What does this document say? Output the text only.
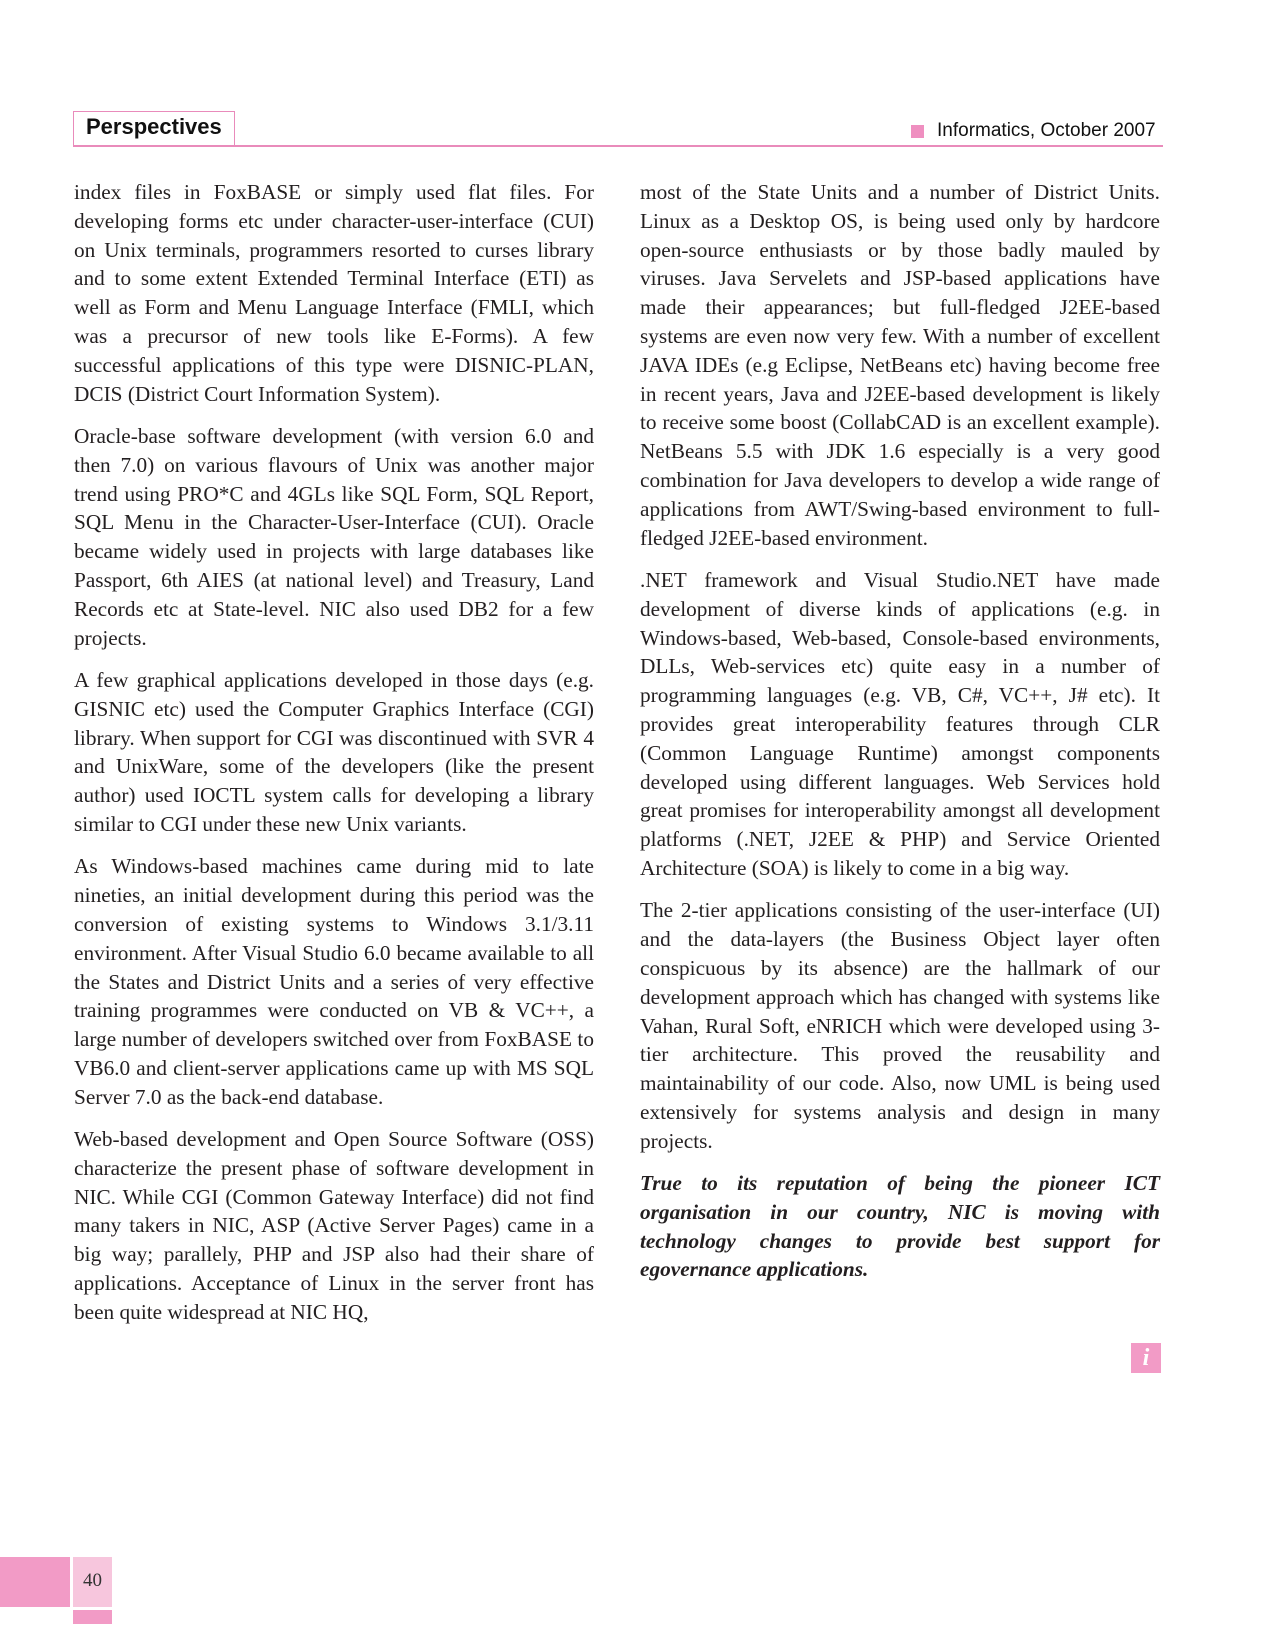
Perspectives	Informatics, October 2007

index files in FoxBASE or simply used flat files. For developing forms etc under character-user-interface (CUI) on Unix terminals, programmers resorted to curses library and to some extent Extended Terminal Interface (ETI) as well as Form and Menu Language Interface (FMLI, which was a precursor of new tools like E-Forms). A few successful applications of this type were DISNIC-PLAN, DCIS (District Court Information System).

Oracle-base software development (with version 6.0 and then 7.0) on various flavours of Unix was another major trend using PRO*C and 4GLs like SQL Form, SQL Report, SQL Menu in the Character-User-Interface (CUI). Oracle became widely used in projects with large databases like Passport, 6th AIES (at national level) and Treasury, Land Records etc at State-level. NIC also used DB2 for a few projects.

A few graphical applications developed in those days (e.g. GISNIC etc) used the Computer Graphics Interface (CGI) library. When support for CGI was discontinued with SVR 4 and UnixWare, some of the developers (like the present author) used IOCTL system calls for developing a library similar to CGI under these new Unix variants.

As Windows-based machines came during mid to late nineties, an initial development during this period was the conversion of existing systems to Windows 3.1/3.11 environment. After Visual Studio 6.0 became available to all the States and District Units and a series of very effective training programmes were conducted on VB & VC++, a large number of developers switched over from FoxBASE to VB6.0 and client-server applications came up with MS SQL Server 7.0 as the back-end database.

Web-based development and Open Source Software (OSS) characterize the present phase of software development in NIC. While CGI (Common Gateway Interface) did not find many takers in NIC, ASP (Active Server Pages) came in a big way; parallely, PHP and JSP also had their share of applications. Acceptance of Linux in the server front has been quite widespread at NIC HQ,

most of the State Units and a number of District Units. Linux as a Desktop OS, is being used only by hardcore open-source enthusiasts or by those badly mauled by viruses. Java Servelets and JSP-based applications have made their appearances; but full-fledged J2EE-based systems are even now very few. With a number of excellent JAVA IDEs (e.g Eclipse, NetBeans etc) having become free in recent years, Java and J2EE-based development is likely to receive some boost (CollabCAD is an excellent example). NetBeans 5.5 with JDK 1.6 especially is a very good combination for Java developers to develop a wide range of applications from AWT/Swing-based environment to full-fledged J2EE-based environment.

.NET framework and Visual Studio.NET have made development of diverse kinds of applications (e.g. in Windows-based, Web-based, Console-based environments, DLLs, Web-services etc) quite easy in a number of programming languages (e.g. VB, C#, VC++, J# etc). It provides great interoperability features through CLR (Common Language Runtime) amongst components developed using different languages. Web Services hold great promises for interoperability amongst all development platforms (.NET, J2EE & PHP) and Service Oriented Architecture (SOA) is likely to come in a big way.

The 2-tier applications consisting of the user-interface (UI) and the data-layers (the Business Object layer often conspicuous by its absence) are the hallmark of our development approach which has changed with systems like Vahan, Rural Soft, eNRICH which were developed using 3-tier architecture. This proved the reusability and maintainability of our code. Also, now UML is being used extensively for systems analysis and design in many projects.

True to its reputation of being the pioneer ICT organisation in our country, NIC is moving with technology changes to provide best support for egovernance applications.

i
40
